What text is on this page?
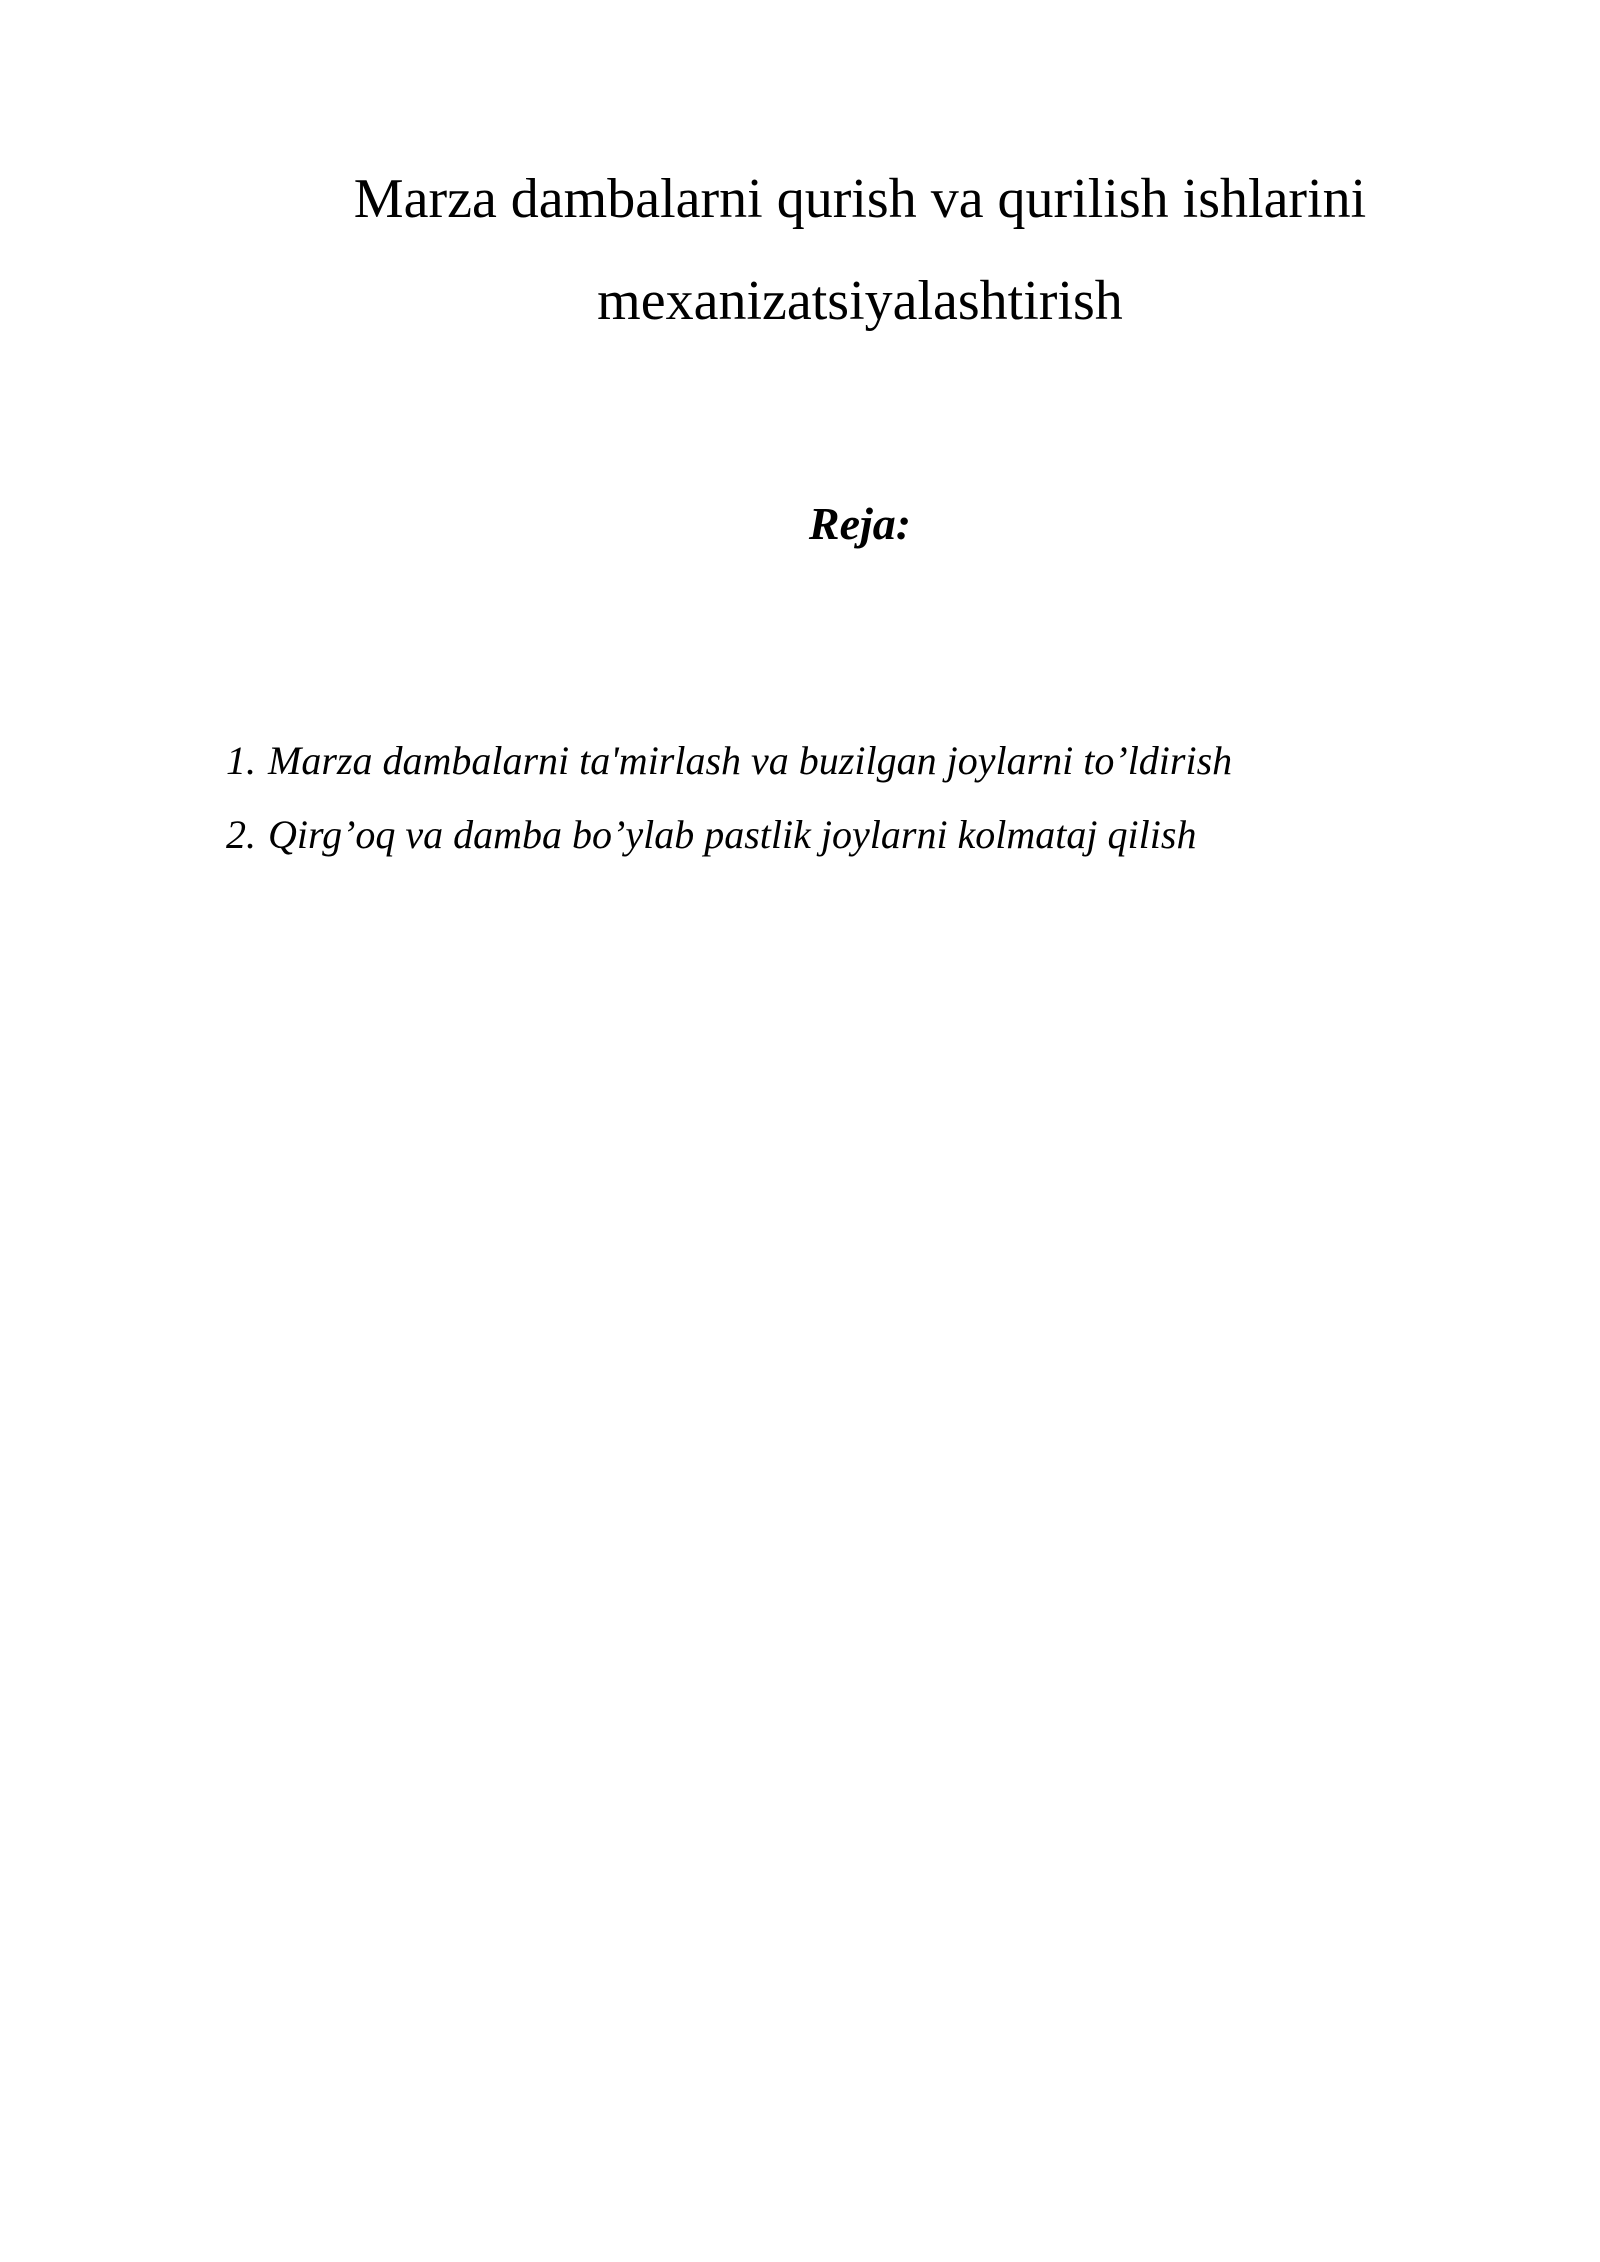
Marza dambalarni qurish va qurilish ishlarini
mexanizatsiyalashtirish
Reja:
1. Marza dambalarni ta'mirlash va buzilgan joylarni to’ldirish
2. Qirg’oq va damba bo’ylab pastlik joylarni kolmataj qilish
